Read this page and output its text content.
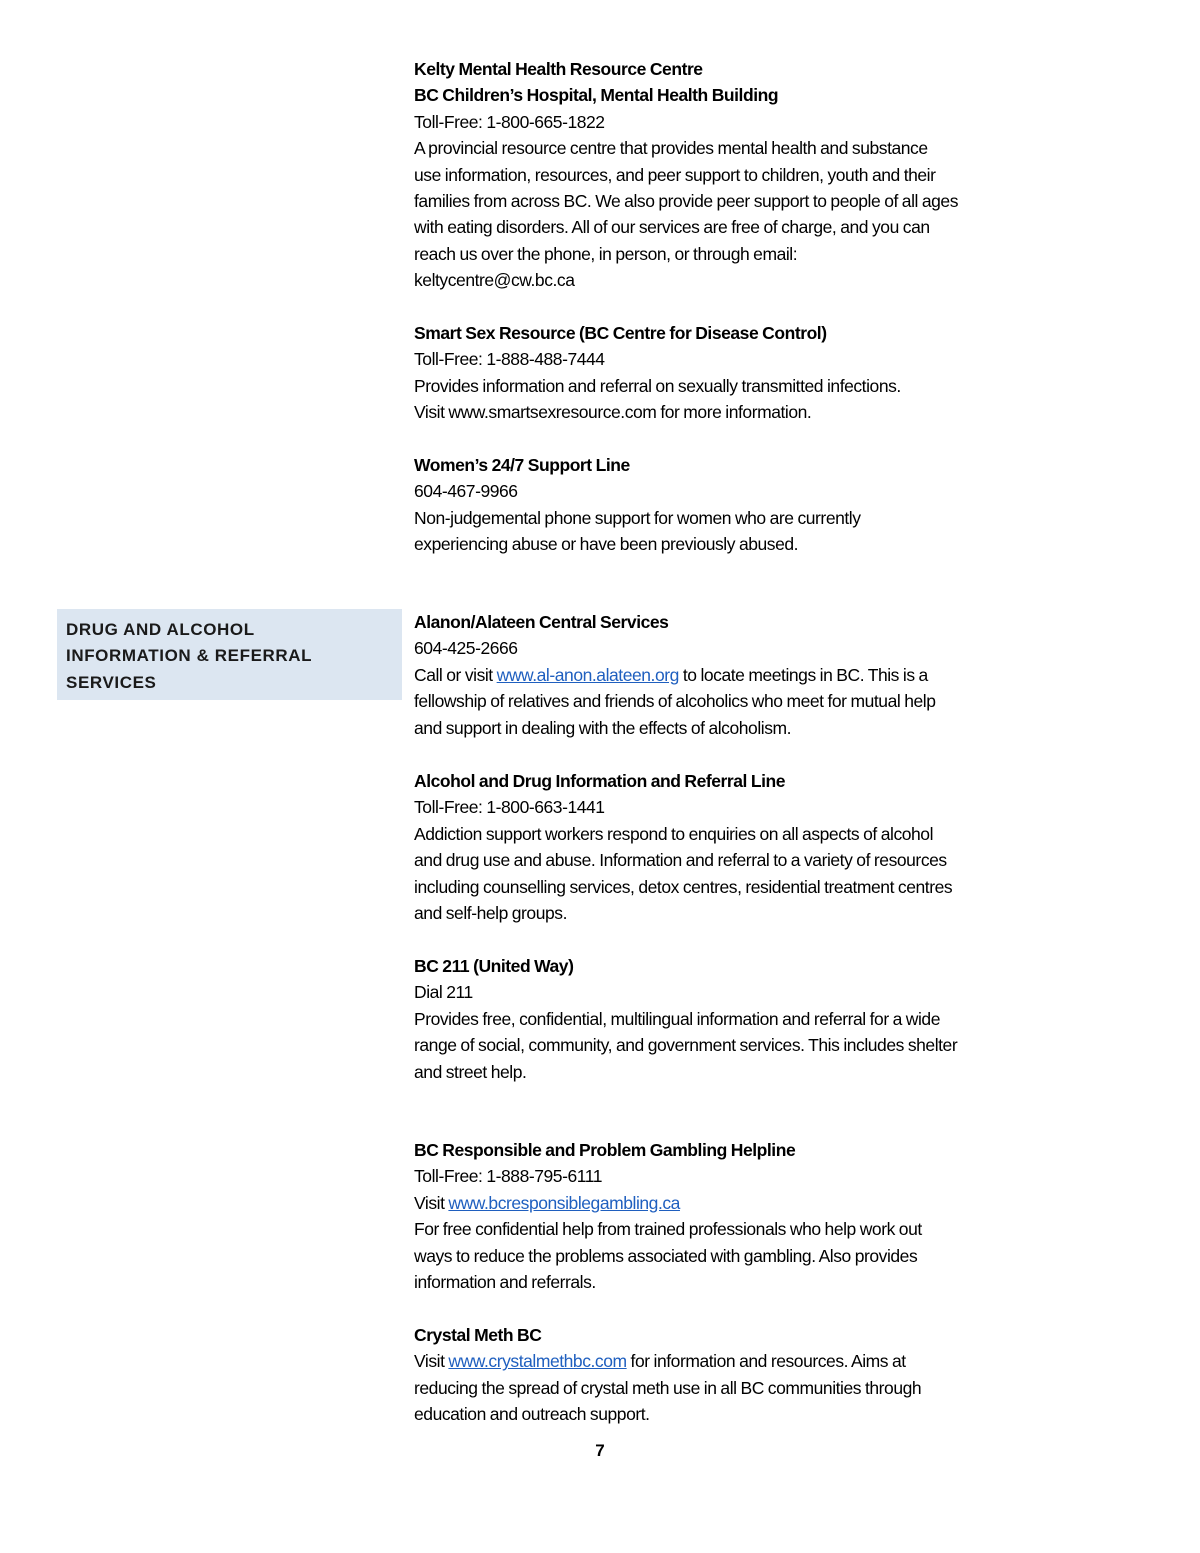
Kelty Mental Health Resource Centre
BC Children’s Hospital, Mental Health Building
Toll-Free: 1-800-665-1822
A provincial resource centre that provides mental health and substance
use information, resources, and peer support to children, youth and their
families from across BC. We also provide peer support to people of all ages
with eating disorders. All of our services are free of charge, and you can
reach us over the phone, in person, or through email:
keltycentre@cw.bc.ca
Smart Sex Resource (BC Centre for Disease Control)
Toll-Free: 1-888-488-7444
Provides information and referral on sexually transmitted infections.
Visit www.smartsexresource.com for more information.
Women’s 24/7 Support Line
604-467-9966
Non-judgemental phone support for women who are currently
experiencing abuse or have been previously abused.
DRUG AND ALCOHOL
INFORMATION & REFERRAL
SERVICES
Alanon/Alateen Central Services
604-425-2666
Call or visit www.al-anon.alateen.org to locate meetings in BC. This is a
fellowship of relatives and friends of alcoholics who meet for mutual help
and support in dealing with the effects of alcoholism.
Alcohol and Drug Information and Referral Line
Toll-Free: 1-800-663-1441
Addiction support workers respond to enquiries on all aspects of alcohol
and drug use and abuse. Information and referral to a variety of resources
including counselling services, detox centres, residential treatment centres
and self-help groups.
BC 211 (United Way)
Dial 211
Provides free, confidential, multilingual information and referral for a wide
range of social, community, and government services. This includes shelter
and street help.
BC Responsible and Problem Gambling Helpline
Toll-Free: 1-888-795-6111
Visit www.bcresponsiblegambling.ca
For free confidential help from trained professionals who help work out
ways to reduce the problems associated with gambling. Also provides
information and referrals.
Crystal Meth BC
Visit www.crystalmethbc.com for information and resources. Aims at
reducing the spread of crystal meth use in all BC communities through
education and outreach support.
7
